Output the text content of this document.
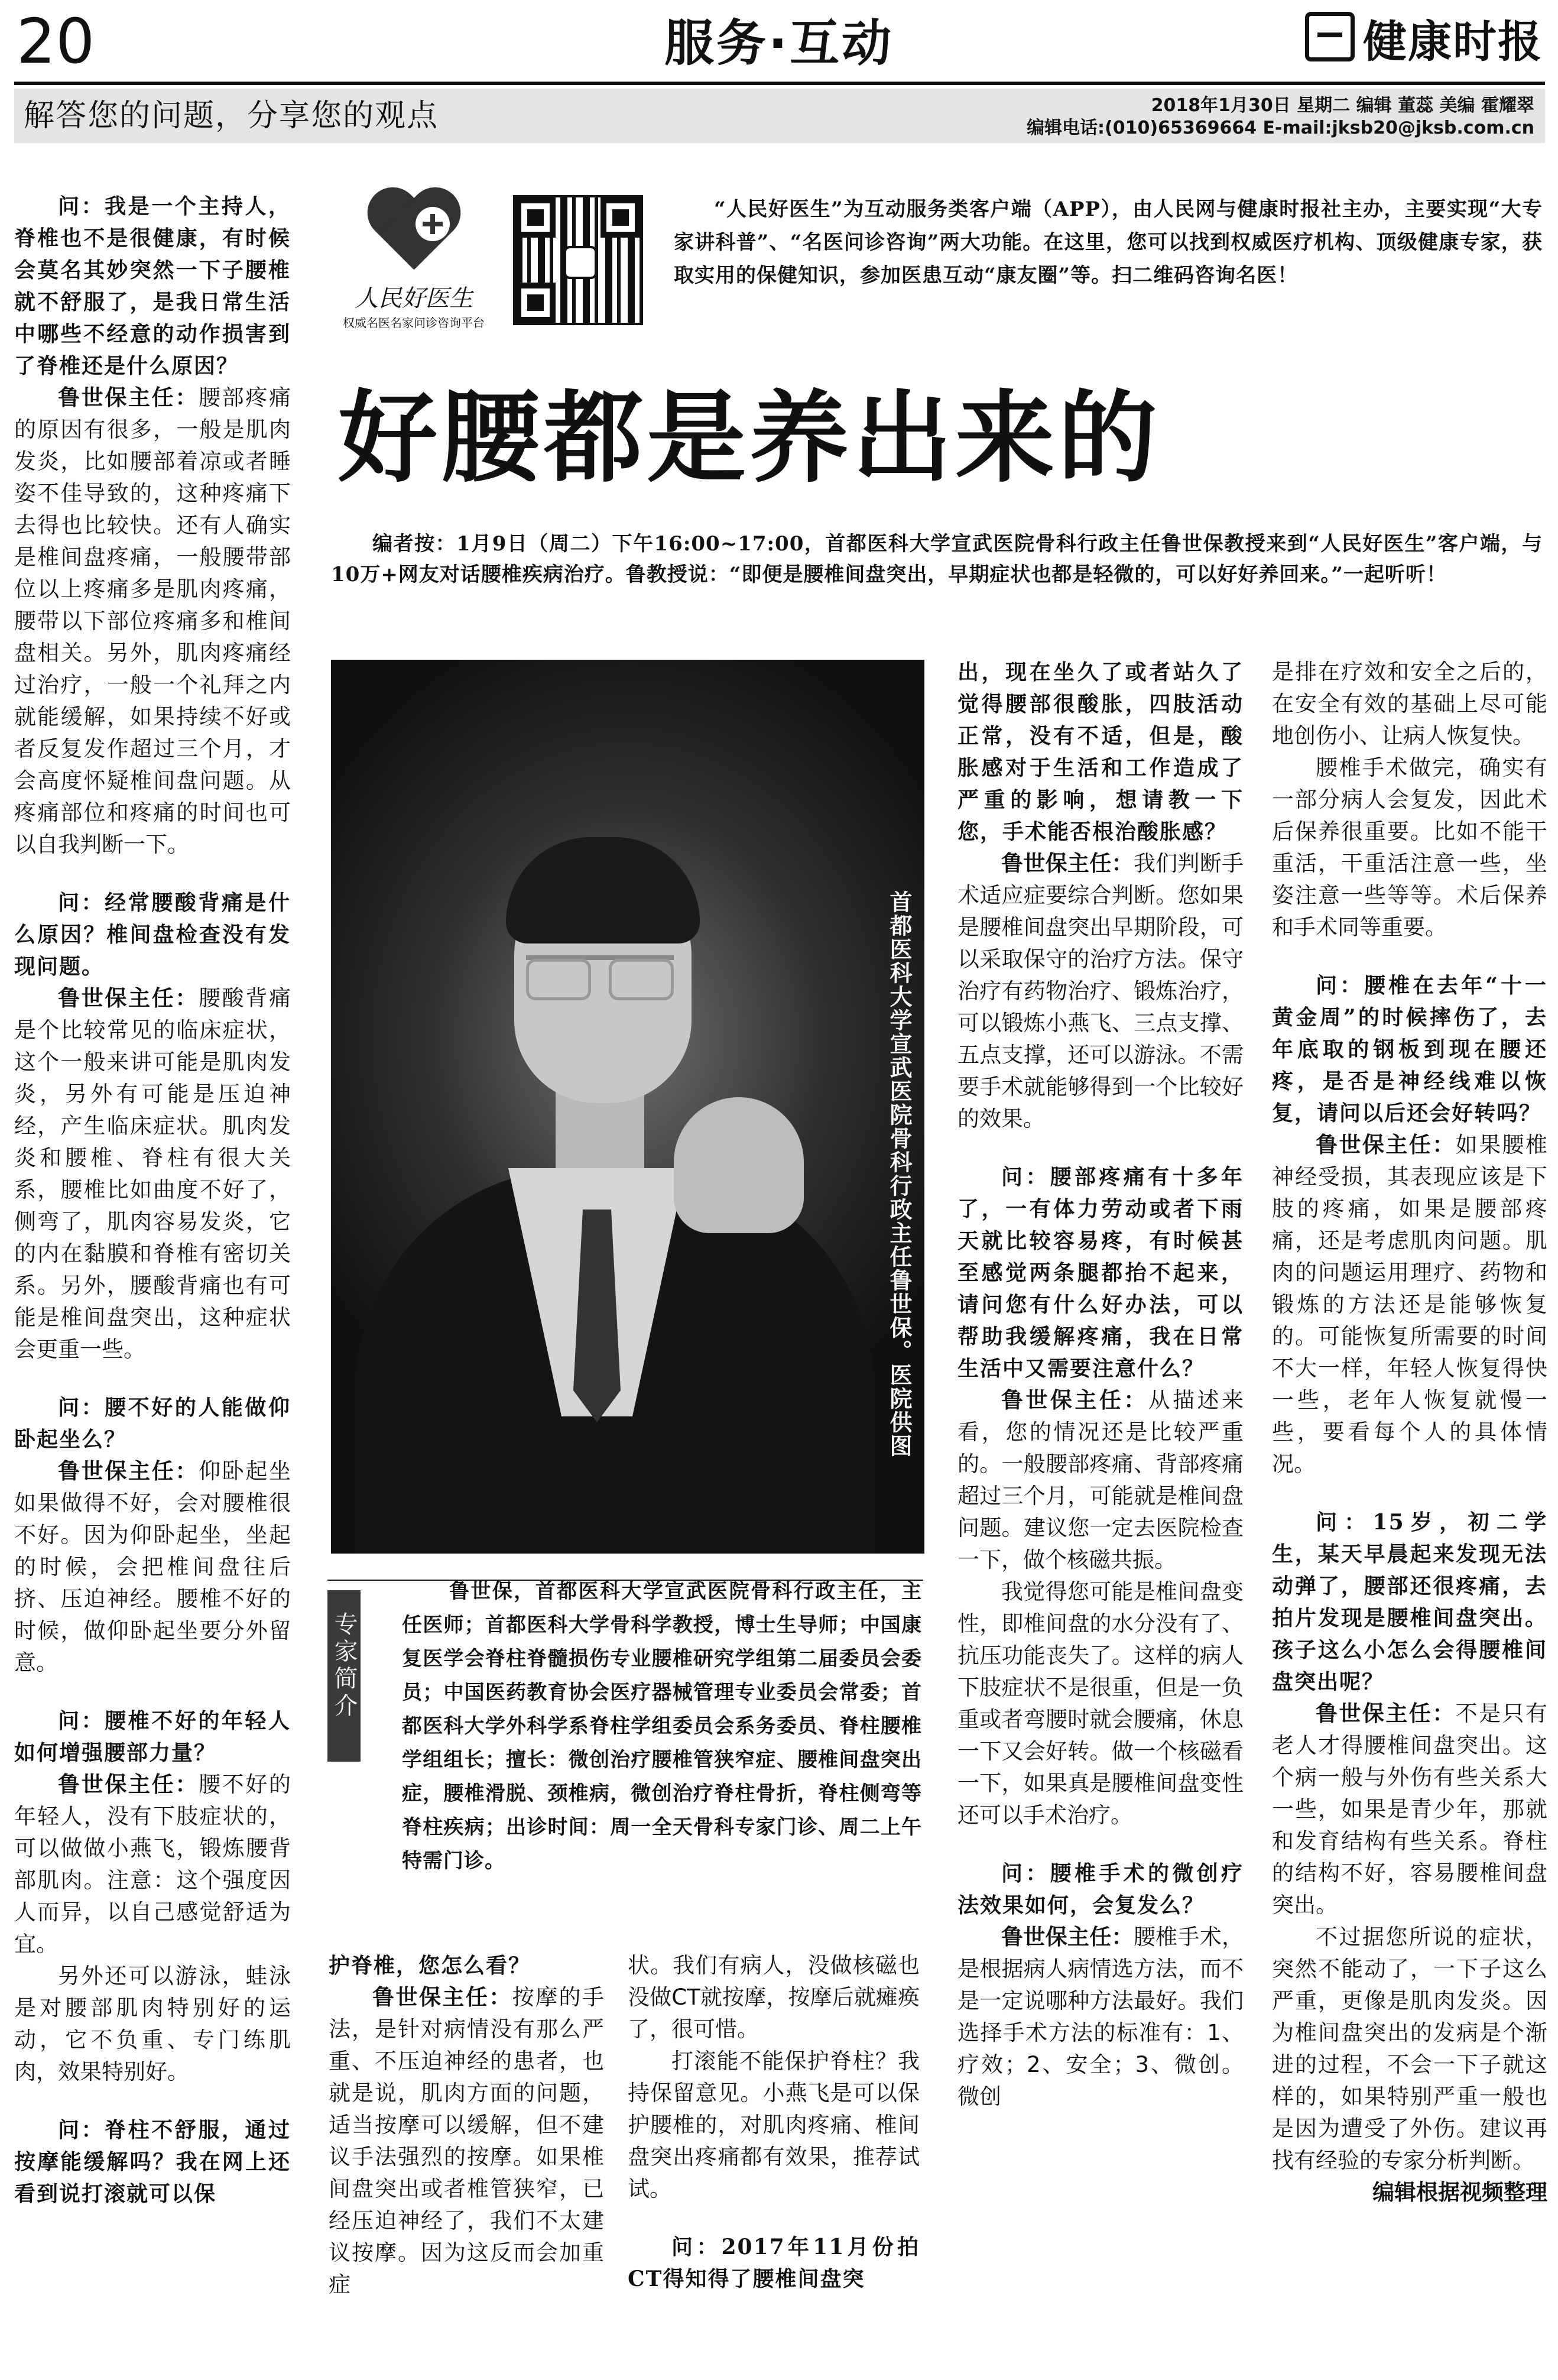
20	服务·互动	健康时报
解答您的问题，分享您的观点	2018年1月30日 星期二 编辑 董蕊 美编 霍耀翠
编辑电话:(010)65369664 E-mail:jksb20@jksb.com.cn
人民好医生
权威名医名家问诊咨询平台
“人民好医生”为互动服务类客户端（APP），由人民网与健康时报社主办，主要实现“大专家讲科普”、“名医问诊咨询”两大功能。在这里，您可以找到权威医疗机构、顶级健康专家，获取实用的保健知识，参加医患互动“康友圈”等。扫二维码咨询名医！
好腰都是养出来的
编者按：1月9日（周二）下午16:00~17:00，首都医科大学宣武医院骨科行政主任鲁世保教授来到“人民好医生”客户端，与10万+网友对话腰椎疾病治疗。鲁教授说：“即便是腰椎间盘突出，早期症状也都是轻微的，可以好好养回来。”一起听听！
首都医科大学宣武医院骨科行政主任鲁世保。医院供图
专家简介
鲁世保，首都医科大学宣武医院骨科行政主任，主任医师；首都医科大学骨科学教授，博士生导师；中国康复医学会脊柱脊髓损伤专业腰椎研究学组第二届委员会委员；中国医药教育协会医疗器械管理专业委员会常委；首都医科大学外科学系脊柱学组委员会系务委员、脊柱腰椎学组组长；擅长：微创治疗腰椎管狭窄症、腰椎间盘突出症，腰椎滑脱、颈椎病，微创治疗脊柱骨折，脊柱侧弯等脊柱疾病；出诊时间：周一全天骨科专家门诊、周二上午特需门诊。

问：我是一个主持人，脊椎也不是很健康，有时候会莫名其妙突然一下子腰椎就不舒服了，是我日常生活中哪些不经意的动作损害到了脊椎还是什么原因？

鲁世保主任：腰部疼痛的原因有很多，一般是肌肉发炎，比如腰部着凉或者睡姿不佳导致的，这种疼痛下去得也比较快。还有人确实是椎间盘疼痛，一般腰带部位以上疼痛多是肌肉疼痛，腰带以下部位疼痛多和椎间盘相关。另外，肌肉疼痛经过治疗，一般一个礼拜之内就能缓解，如果持续不好或者反复发作超过三个月，才会高度怀疑椎间盘问题。从疼痛部位和疼痛的时间也可以自我判断一下。

问：经常腰酸背痛是什么原因？椎间盘检查没有发现问题。

鲁世保主任：腰酸背痛是个比较常见的临床症状，这个一般来讲可能是肌肉发炎，另外有可能是压迫神经，产生临床症状。肌肉发炎和腰椎、脊柱有很大关系，腰椎比如曲度不好了，侧弯了，肌肉容易发炎，它的内在黏膜和脊椎有密切关系。另外，腰酸背痛也有可能是椎间盘突出，这种症状会更重一些。

问：腰不好的人能做仰卧起坐么？

鲁世保主任：仰卧起坐如果做得不好，会对腰椎很不好。因为仰卧起坐，坐起的时候，会把椎间盘往后挤、压迫神经。腰椎不好的时候，做仰卧起坐要分外留意。

问：腰椎不好的年轻人如何增强腰部力量？

鲁世保主任：腰不好的年轻人，没有下肢症状的，可以做做小燕飞，锻炼腰背部肌肉。注意：这个强度因人而异，以自己感觉舒适为宜。

另外还可以游泳，蛙泳是对腰部肌肉特别好的运动，它不负重、专门练肌肉，效果特别好。

问：脊柱不舒服，通过按摩能缓解吗？我在网上还看到说打滚就可以保

护脊椎，您怎么看？

鲁世保主任：按摩的手法，是针对病情没有那么严重、不压迫神经的患者，也就是说，肌肉方面的问题，适当按摩可以缓解，但不建议手法强烈的按摩。如果椎间盘突出或者椎管狭窄，已经压迫神经了，我们不太建议按摩。因为这反而会加重症

状。我们有病人，没做核磁也没做CT就按摩，按摩后就瘫痪了，很可惜。

打滚能不能保护脊柱？我持保留意见。小燕飞是可以保护腰椎的，对肌肉疼痛、椎间盘突出疼痛都有效果，推荐试试。

问：2017年11月份拍CT得知得了腰椎间盘突

出，现在坐久了或者站久了觉得腰部很酸胀，四肢活动正常，没有不适，但是，酸胀感对于生活和工作造成了严重的影响，想请教一下您，手术能否根治酸胀感？

鲁世保主任：我们判断手术适应症要综合判断。您如果是腰椎间盘突出早期阶段，可以采取保守的治疗方法。保守治疗有药物治疗、锻炼治疗，可以锻炼小燕飞、三点支撑、五点支撑，还可以游泳。不需要手术就能够得到一个比较好的效果。

问：腰部疼痛有十多年了，一有体力劳动或者下雨天就比较容易疼，有时候甚至感觉两条腿都抬不起来，请问您有什么好办法，可以帮助我缓解疼痛，我在日常生活中又需要注意什么？

鲁世保主任：从描述来看，您的情况还是比较严重的。一般腰部疼痛、背部疼痛超过三个月，可能就是椎间盘问题。建议您一定去医院检查一下，做个核磁共振。

我觉得您可能是椎间盘变性，即椎间盘的水分没有了、抗压功能丧失了。这样的病人下肢症状不是很重，但是一负重或者弯腰时就会腰痛，休息一下又会好转。做一个核磁看一下，如果真是腰椎间盘变性还可以手术治疗。

问：腰椎手术的微创疗法效果如何，会复发么？

鲁世保主任：腰椎手术，是根据病人病情选方法，而不是一定说哪种方法最好。我们选择手术方法的标准有：1、疗效；2、安全；3、微创。微创

是排在疗效和安全之后的，在安全有效的基础上尽可能地创伤小、让病人恢复快。

腰椎手术做完，确实有一部分病人会复发，因此术后保养很重要。比如不能干重活，干重活注意一些，坐姿注意一些等等。术后保养和手术同等重要。

问：腰椎在去年“十一黄金周”的时候摔伤了，去年底取的钢板到现在腰还疼，是否是神经线难以恢复，请问以后还会好转吗？

鲁世保主任：如果腰椎神经受损，其表现应该是下肢的疼痛，如果是腰部疼痛，还是考虑肌肉问题。肌肉的问题运用理疗、药物和锻炼的方法还是能够恢复的。可能恢复所需要的时间不大一样，年轻人恢复得快一些，老年人恢复就慢一些，要看每个人的具体情况。

问：15岁，初二学生，某天早晨起来发现无法动弹了，腰部还很疼痛，去拍片发现是腰椎间盘突出。孩子这么小怎么会得腰椎间盘突出呢？

鲁世保主任：不是只有老人才得腰椎间盘突出。这个病一般与外伤有些关系大一些，如果是青少年，那就和发育结构有些关系。脊柱的结构不好，容易腰椎间盘突出。

不过据您所说的症状，突然不能动了，一下子这么严重，更像是肌肉发炎。因为椎间盘突出的发病是个渐进的过程，不会一下子就这样的，如果特别严重一般也是因为遭受了外伤。建议再找有经验的专家分析判断。

编辑根据视频整理
